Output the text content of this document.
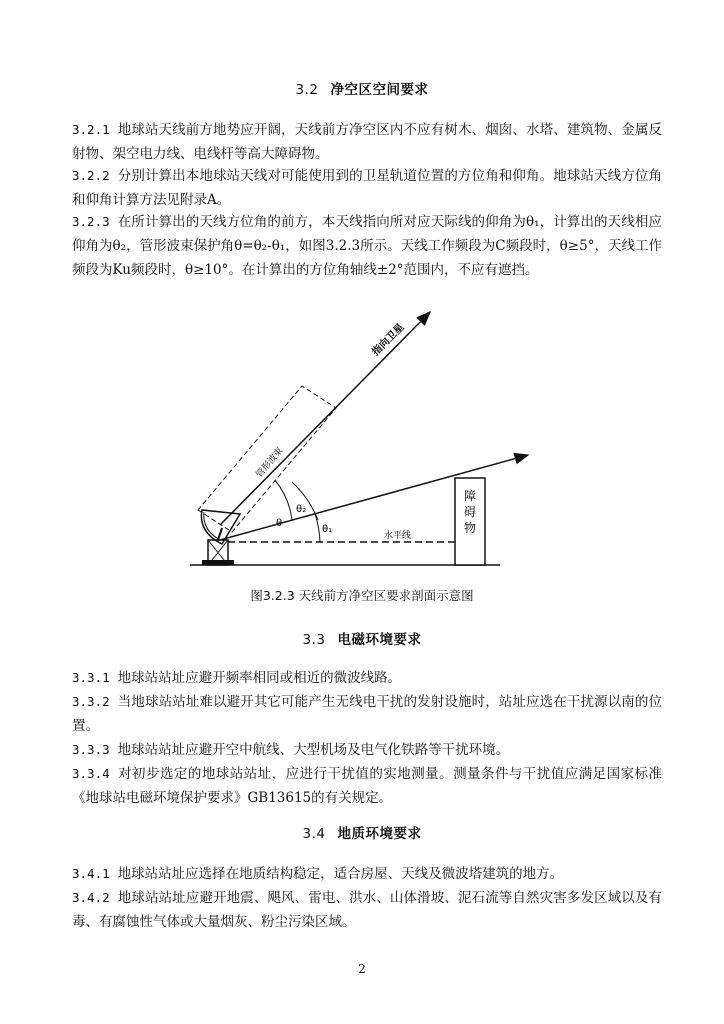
3.2 净空区空间要求

3.2.1 地球站天线前方地势应开阔，天线前方净空区内不应有树木、烟囱、水塔、建筑物、金属反射物、架空电力线、电线杆等高大障碍物。

3.2.2 分别计算出本地球站天线对可能使用到的卫星轨道位置的方位角和仰角。地球站天线方位角和仰角计算方法见附录A。

3.2.3 在所计算出的天线方位角的前方，本天线指向所对应天际线的仰角为θ₁，计算出的天线相应仰角为θ₂，管形波束保护角θ=θ₂-θ₁，如图3.2.3所示。天线工作频段为C频段时，θ≥5°，天线工作频段为Ku频段时，θ≥10°。在计算出的方位角轴线±2°范围内，不应有遮挡。

障
碍
物
指向卫星
管形波束
水平线
θ
θ₁
θ₂
图3.2.3 天线前方净空区要求剖面示意图
3.3 电磁环境要求

3.3.1 地球站站址应避开频率相同或相近的微波线路。

3.3.2 当地球站站址难以避开其它可能产生无线电干扰的发射设施时，站址应选在干扰源以南的位置。

3.3.3 地球站站址应避开空中航线、大型机场及电气化铁路等干扰环境。

3.3.4 对初步选定的地球站站址，应进行干扰值的实地测量。测量条件与干扰值应满足国家标准《地球站电磁环境保护要求》GB13615的有关规定。

3.4 地质环境要求

3.4.1 地球站站址应选择在地质结构稳定，适合房屋、天线及微波塔建筑的地方。

3.4.2 地球站站址应避开地震、飓风、雷电、洪水、山体滑坡、泥石流等自然灾害多发区域以及有毒、有腐蚀性气体或大量烟灰、粉尘污染区域。

2
